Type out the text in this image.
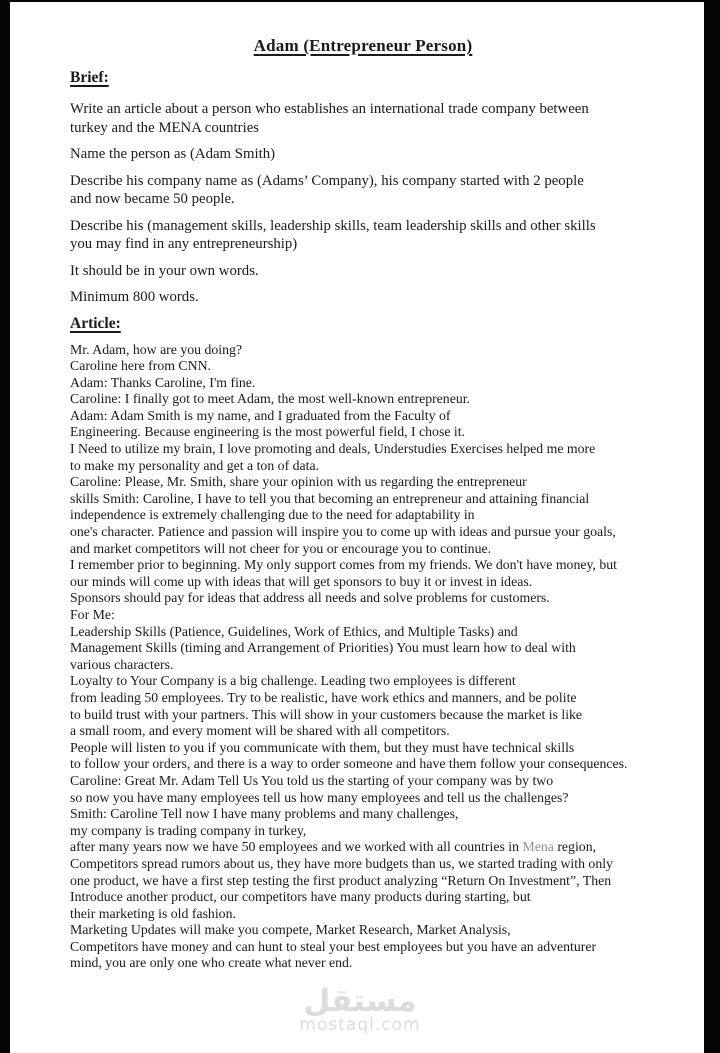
Adam (Entrepreneur Person)
Brief:
Write an article about a person who establishes an international trade company between
turkey and the MENA countries
Name the person as (Adam Smith)
Describe his company name as (Adams’ Company), his company started with 2 people
and now became 50 people.
Describe his (management skills, leadership skills, team leadership skills and other skills
you may find in any entrepreneurship)
It should be in your own words.
Minimum 800 words.
Article:
Mr. Adam, how are you doing?
Caroline here from CNN.
Adam: Thanks Caroline, I'm fine.
Caroline: I finally got to meet Adam, the most well-known entrepreneur.
Adam: Adam Smith is my name, and I graduated from the Faculty of
Engineering. Because engineering is the most powerful field, I chose it.
I Need to utilize my brain, I love promoting and deals, Understudies Exercises helped me more
to make my personality and get a ton of data.
Caroline: Please, Mr. Smith, share your opinion with us regarding the entrepreneur
skills Smith: Caroline, I have to tell you that becoming an entrepreneur and attaining financial
independence is extremely challenging due to the need for adaptability in
one's character. Patience and passion will inspire you to come up with ideas and pursue your goals,
and market competitors will not cheer for you or encourage you to continue.
I remember prior to beginning. My only support comes from my friends. We don't have money, but
our minds will come up with ideas that will get sponsors to buy it or invest in ideas.
Sponsors should pay for ideas that address all needs and solve problems for customers.
For Me:
Leadership Skills (Patience, Guidelines, Work of Ethics, and Multiple Tasks) and
Management Skills (timing and Arrangement of Priorities) You must learn how to deal with
various characters.
Loyalty to Your Company is a big challenge. Leading two employees is different
from leading 50 employees. Try to be realistic, have work ethics and manners, and be polite
to build trust with your partners. This will show in your customers because the market is like
a small room, and every moment will be shared with all competitors.
People will listen to you if you communicate with them, but they must have technical skills
to follow your orders, and there is a way to order someone and have them follow your consequences.
Caroline: Great Mr. Adam Tell Us You told us the starting of your company was by two
so now you have many employees tell us how many employees and tell us the challenges?
Smith: Caroline Tell now I have many problems and many challenges,
my company is trading company in turkey,
after many years now we have 50 employees and we worked with all countries in Mena region,
Competitors spread rumors about us, they have more budgets than us, we started trading with only
one product, we have a first step testing the first product analyzing “Return On Investment”, Then
Introduce another product, our competitors have many products during starting, but
their marketing is old fashion.
Marketing Updates will make you compete, Market Research, Market Analysis,
Competitors have money and can hunt to steal your best employees but you have an adventurer
mind, you are only one who create what never end.
مستقل
mostaql.com
